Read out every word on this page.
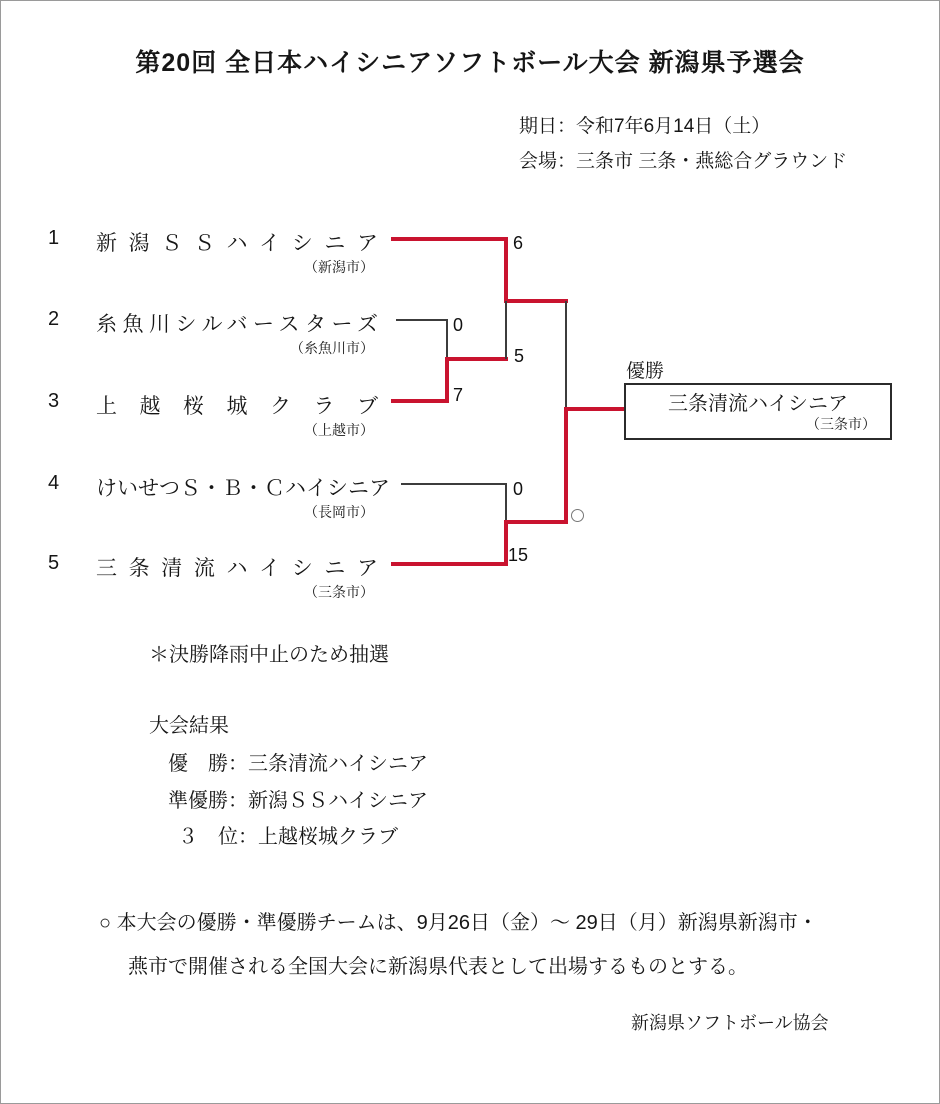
第20回 全日本ハイシニアソフトボール大会 新潟県予選会
期日：令和7年6月14日（土）
会場：三条市 三条・燕総合グラウンド
1 新潟ＳＳハイシニア
（新潟市）
2 糸魚川シルバースターズ
（糸魚川市）
3 上越桜城クラブ
（上越市）
4 けいせつＳ・Ｂ・Ｃハイシニア
（長岡市）
5 三条清流ハイシニア
（三条市）
6
0
5
7
0
15
優勝
三条清流ハイシニア
（三条市）
＊決勝降雨中止のため抽選
大会結果
優　勝：三条清流ハイシニア
準優勝：新潟ＳＳハイシニア
３　位：上越桜城クラブ
○ 本大会の優勝・準優勝チームは、9月26日（金）～ 29日（月）新潟県新潟市・
燕市で開催される全国大会に新潟県代表として出場するものとする。
新潟県ソフトボール協会
